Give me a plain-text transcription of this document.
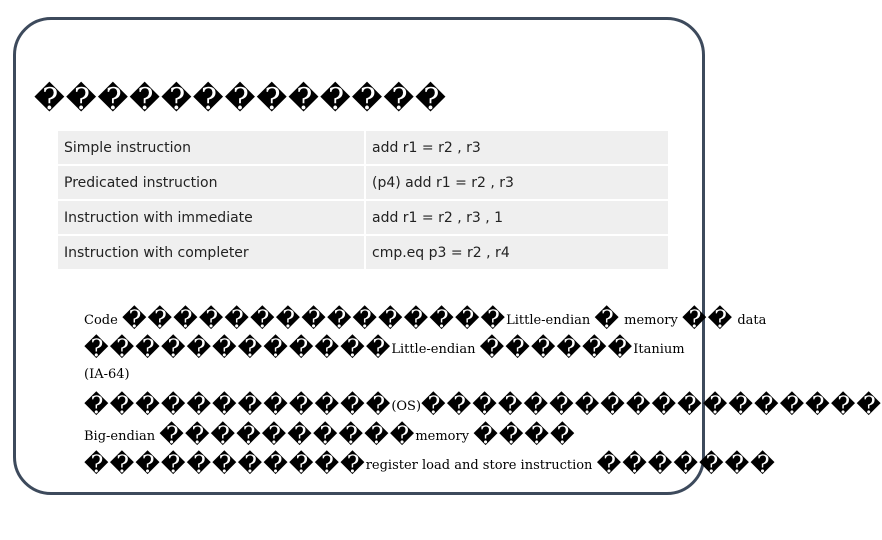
�������������
Simple instruction	add r1 = r2 , r3
Predicated instruction	(p4) add r1 = r2 , r3
Instruction with immediate	add r1 = r2 , r3 , 1
Instruction with completer	cmp.eq p3 = r2 , r4
Code ���������������Little-endian � memory �� data
������������Little-endian ������Itanium
(IA-64)
������������(OS)������������������
Big-endian ����������memory ����
�����������register load and store instruction �������
